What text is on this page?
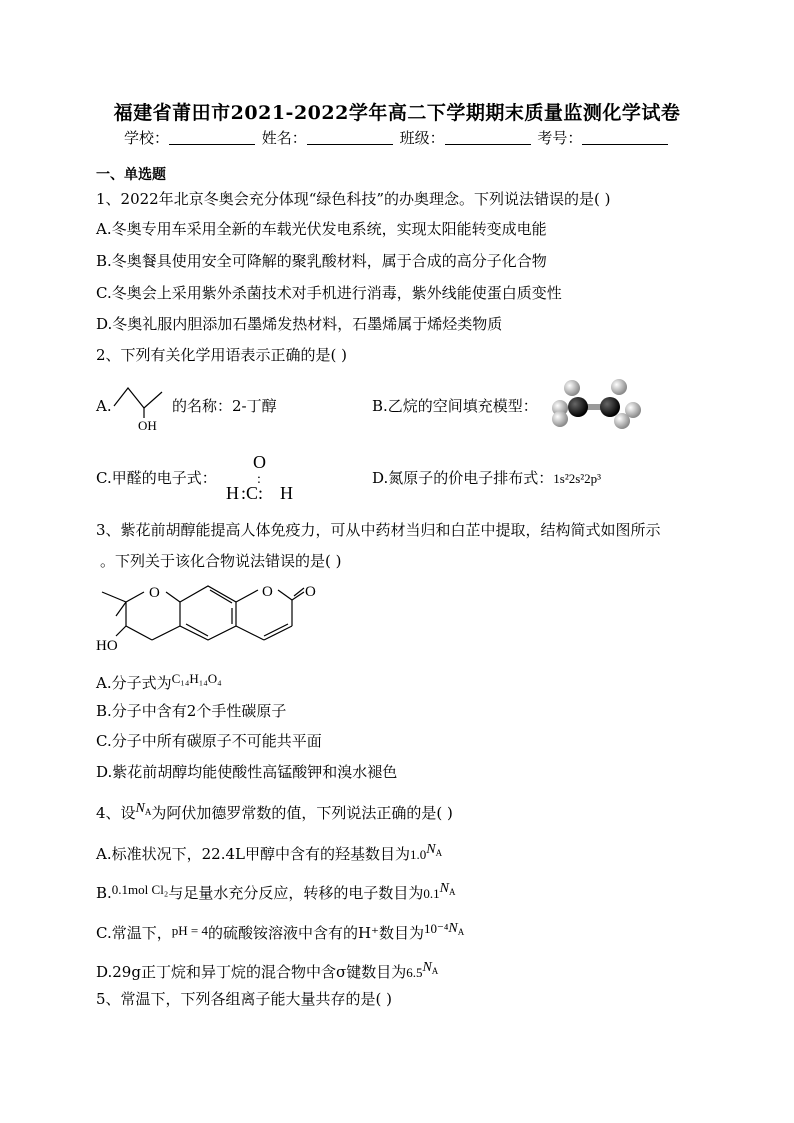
福建省莆田市2021-2022学年高二下学期期末质量监测化学试卷
学校：	姓名：	班级：	考号：
一、单选题
1、2022年北京冬奥会充分体现“绿色科技”的办奥理念。下列说法错误的是( )
A.冬奥专用车采用全新的车载光伏发电系统，实现太阳能转变成电能
B.冬奥餐具使用安全可降解的聚乳酸材料，属于合成的高分子化合物
C.冬奥会上采用紫外杀菌技术对手机进行消毒，紫外线能使蛋白质变性
D.冬奥礼服内胆添加石墨烯发热材料，石墨烯属于烯烃类物质
2、下列有关化学用语表示正确的是( )
A.
OH
的名称：2-丁醇	B.乙烷的空间填充模型：
C.甲醛的电子式：
O
:
H :C: H
D.氮原子的价电子排布式：1s²2s²2p³
3、紫花前胡醇能提高人体免疫力，可从中药材当归和白芷中提取，结构简式如图所示
。下列关于该化合物说法错误的是( )
O	O O
HO
A.分子式为C₁₄H₁₄O₄
B.分子中含有2个手性碳原子
C.分子中所有碳原子不可能共平面
D.紫花前胡醇均能使酸性高锰酸钾和溴水褪色
4、设$N_A$为阿伏加德罗常数的值，下列说法正确的是( )
A.标准状况下，22.4L甲醇中含有的羟基数目为$1.0N_A$
B.0.1mol Cl₂与足量水充分反应，转移的电子数目为$0.1N_A$
C.常温下，pH = 4的硫酸铵溶液中含有的H⁺数目为$10^{-4}N_A$
D.29g正丁烷和异丁烷的混合物中含σ键数目为$6.5N_A$
5、常温下，下列各组离子能大量共存的是( )
